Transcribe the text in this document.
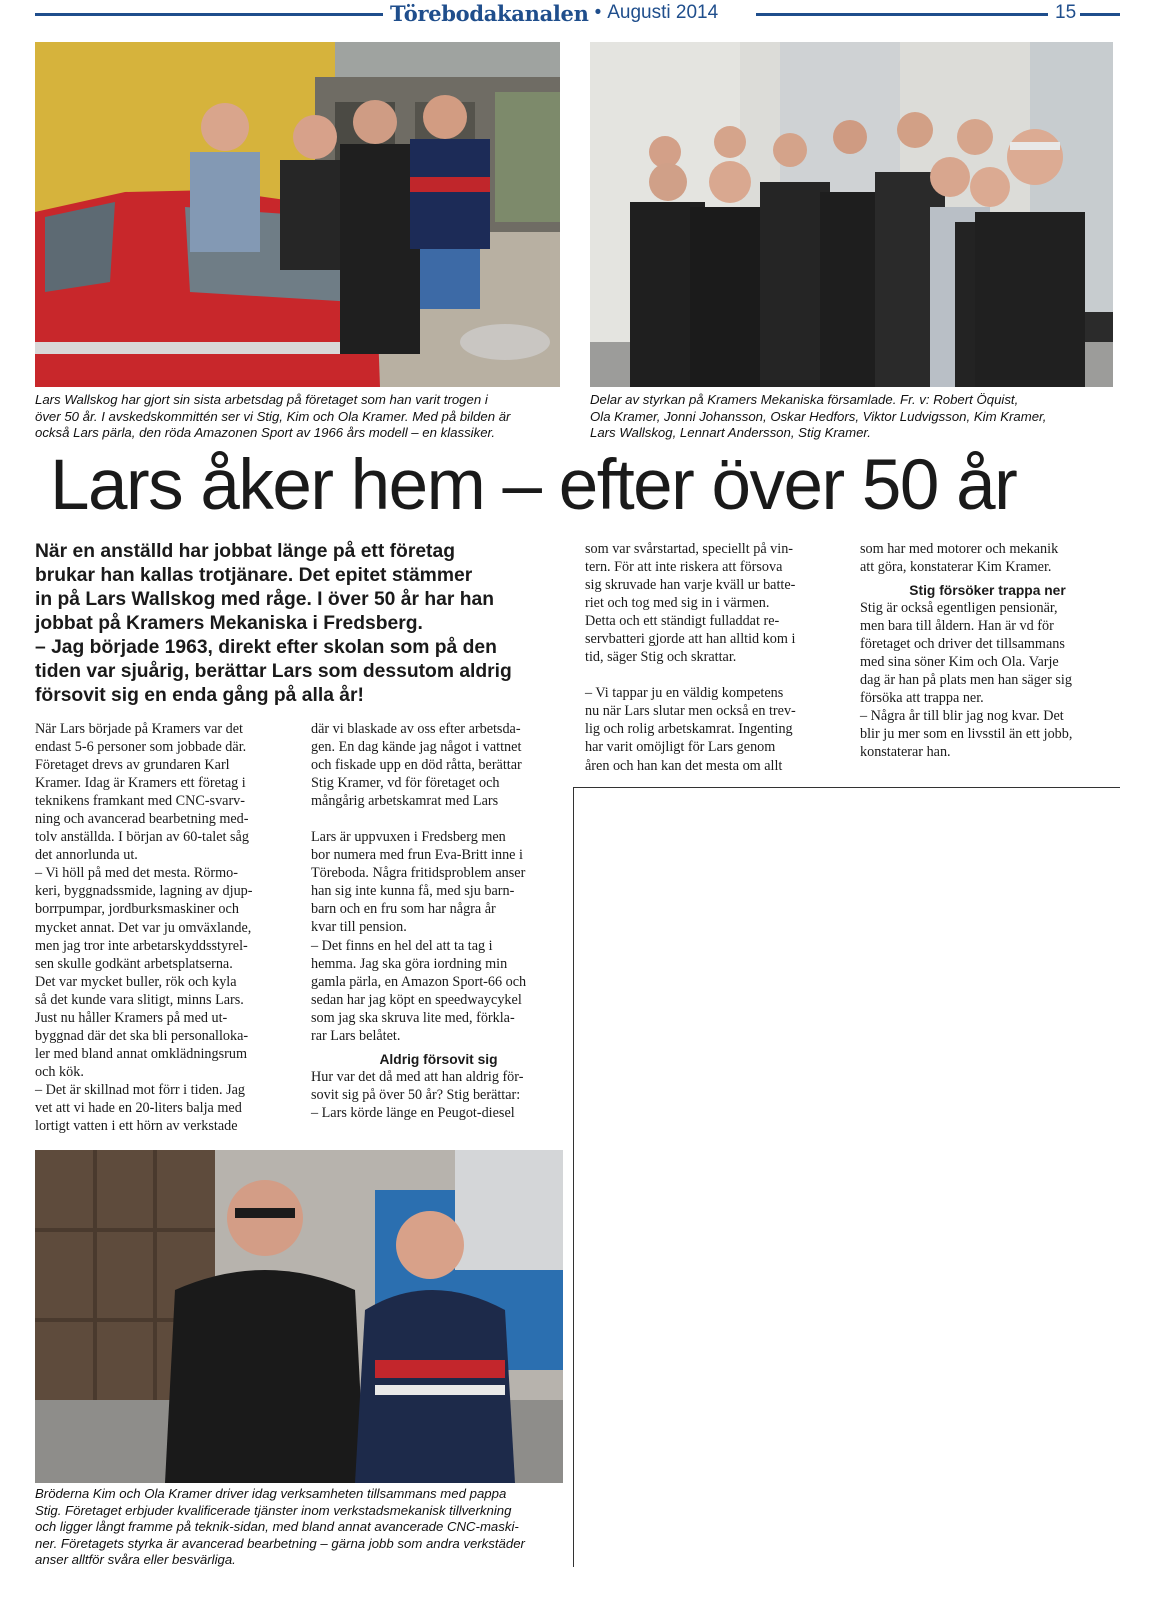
Törebodakanalen • Augusti 2014	15
Lars Wallskog har gjort sin sista arbetsdag på företaget som han varit trogen i
över 50 år. I avskedskommittén ser vi Stig, Kim och Ola Kramer. Med på bilden är
också Lars pärla, den röda Amazonen Sport av 1966 års modell – en klassiker.
Delar av styrkan på Kramers Mekaniska församlade. Fr. v: Robert Öquist,
Ola Kramer, Jonni Johansson, Oskar Hedfors, Viktor Ludvigsson, Kim Kramer,
Lars Wallskog, Lennart Andersson, Stig Kramer.
Lars åker hem – efter över 50 år
När en anställd har jobbat länge på ett företag
brukar han kallas trotjänare. Det epitet stämmer
in på Lars Wallskog med råge. I över 50 år har han
jobbat på Kramers Mekaniska i Fredsberg.
– Jag började 1963, direkt efter skolan som på den
tiden var sjuårig, berättar Lars som dessutom aldrig
försovit sig en enda gång på alla år!
När Lars började på Kramers var det
endast 5-6 personer som jobbade där.
Företaget drevs av grundaren Karl
Kramer. Idag är Kramers ett företag i
teknikens framkant med CNC-svarv-
ning och avancerad bearbetning med-
tolv anställda. I början av 60-talet såg
det annorlunda ut.
– Vi höll på med det mesta. Rörmo-
keri, byggnadssmide, lagning av djup-
borrpumpar, jordburksmaskiner och
mycket annat. Det var ju omväxlande,
men jag tror inte arbetarskyddsstyrel-
sen skulle godkänt arbetsplatserna.
Det var mycket buller, rök och kyla
så det kunde vara slitigt, minns Lars.
Just nu håller Kramers på med ut-
byggnad där det ska bli personallokа-
ler med bland annat omklädningsrum
och kök.
– Det är skillnad mot förr i tiden. Jag
vet att vi hade en 20-liters balja med
lortigt vatten i ett hörn av verkstade
där vi blaskade av oss efter arbetsda-
gen. En dag kände jag något i vattnet
och fiskade upp en död råtta, berättar
Stig Kramer, vd för företaget och
mångårig arbetskamrat med Lars
Lars är uppvuxen i Fredsberg men
bor numera med frun Eva-Britt inne i
Töreboda. Några fritidsproblem anser
han sig inte kunna få, med sju barn-
barn och en fru som har några år
kvar till pension.
– Det finns en hel del att ta tag i
hemma. Jag ska göra iordning min
gamla pärla, en Amazon Sport-66 och
sedan har jag köpt en speedwaycykel
som jag ska skruva lite med, förkla-
rar Lars belåtet.
Aldrig försovit sig
Hur var det då med att han aldrig för-
sovit sig på över 50 år? Stig berättar:
– Lars körde länge en Peugot-diesel
som var svårstartad, speciellt på vin-
tern. För att inte riskera att försova
sig skruvade han varje kväll ur batte-
riet och tog med sig in i värmen.
Detta och ett ständigt fulladdat re-
servbatteri gjorde att han alltid kom i
tid, säger Stig och skrattar.
– Vi tappar ju en väldig kompetens
nu när Lars slutar men också en trev-
lig och rolig arbetskamrat. Ingenting
har varit omöjligt för Lars genom
åren och han kan det mesta om allt
som har med motorer och mekanik
att göra, konstaterar Kim Kramer.
Stig försöker trappa ner
Stig är också egentligen pensionär,
men bara till åldern. Han är vd för
företaget och driver det tillsammans
med sina söner Kim och Ola. Varje
dag är han på plats men han säger sig
försöka att trappa ner.
– Några år till blir jag nog kvar. Det
blir ju mer som en livsstil än ett jobb,
konstaterar han.
Bröderna Kim och Ola Kramer driver idag verksamheten tillsammans med pappa
Stig. Företaget erbjuder kvalificerade tjänster inom verkstadsmekanisk tillverkning
och ligger långt framme på teknik-sidan, med bland annat avancerade CNC-maski-
ner. Företagets styrka är avancerad bearbetning – gärna jobb som andra verkstäder
anser alltför svåra eller besvärliga.
